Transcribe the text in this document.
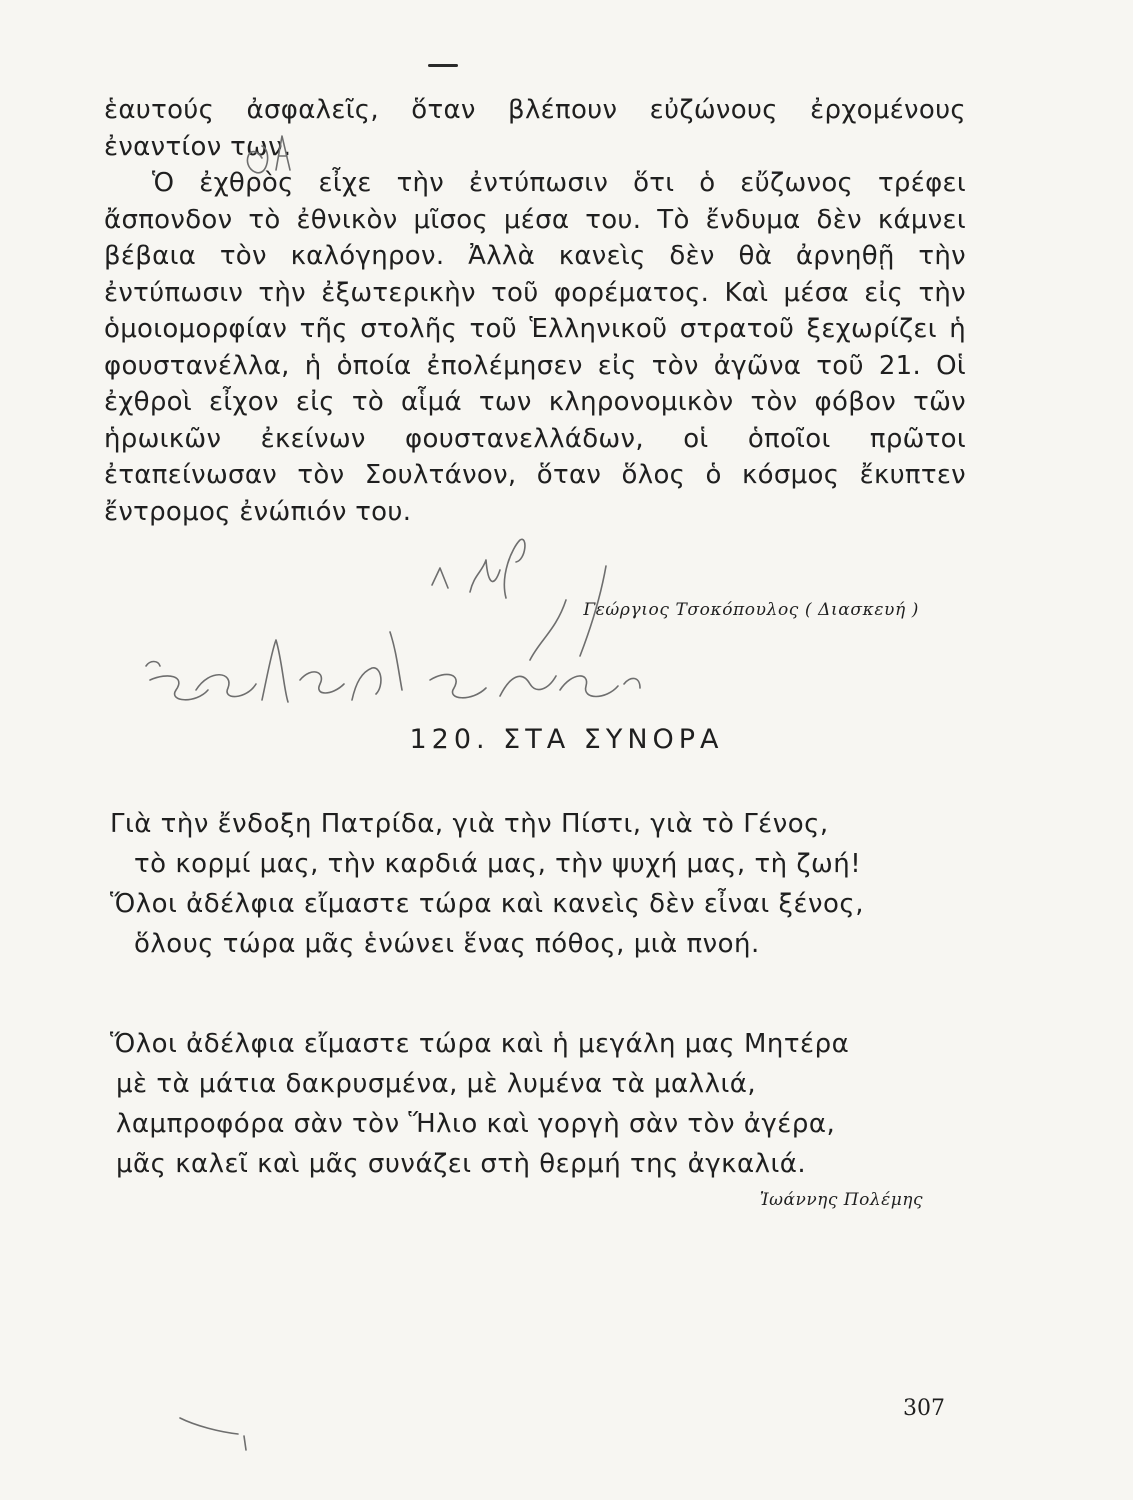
ἑαυτούς ἀσφαλεῖς, ὅταν βλέπουν εὐζώνους ἐρχομένους ἐναντίον των.

Ὁ ἐχθρὸς εἶχε τὴν ἐντύπωσιν ὅτι ὁ εὔζωνος τρέφει ἄσπονδον τὸ ἐθνικὸν μῖσος μέσα του. Τὸ ἔνδυμα δὲν κάμνει βέβαια τὸν καλόγηρον. Ἀλλὰ κανεὶς δὲν θὰ ἀρνηθῇ τὴν ἐντύπωσιν τὴν ἐξωτερικὴν τοῦ φορέματος. Καὶ μέσα εἰς τὴν ὁμοιομορφίαν τῆς στολῆς τοῦ Ἑλληνικοῦ στρατοῦ ξεχωρίζει ἡ φουστανέλλα, ἡ ὁποία ἐπολέμησεν εἰς τὸν ἀγῶνα τοῦ 21. Οἱ ἐχθροὶ εἶχον εἰς τὸ αἷμά των κληρονομικὸν τὸν φόβον τῶν ἡρωικῶν ἐκείνων φουστανελλάδων, οἱ ὁποῖοι πρῶτοι ἐταπείνωσαν τὸν Σουλτάνον, ὅταν ὅλος ὁ κόσμος ἔκυπτεν ἔντρομος ἐνώπιόν του.

Γεώργιος Τσοκόπουλος ( Διασκευή )
120. ΣΤΑ ΣΥΝΟΡΑ
Γιὰ τὴν ἔνδοξη Πατρίδα, γιὰ τὴν Πίστι, γιὰ τὸ Γένος,
τὸ κορμί μας, τὴν καρδιά μας, τὴν ψυχή μας, τὴ ζωή!
Ὅλοι ἀδέλφια εἴμαστε τώρα καὶ κανεὶς δὲν εἶναι ξένος,
ὅλους τώρα μᾶς ἑνώνει ἕνας πόθος, μιὰ πνοή.
Ὅλοι ἀδέλφια εἴμαστε τώρα καὶ ἡ μεγάλη μας Μητέρα
μὲ τὰ μάτια δακρυσμένα, μὲ λυμένα τὰ μαλλιά,
λαμπροφόρα σὰν τὸν Ἥλιο καὶ γοργὴ σὰν τὸν ἀγέρα,
μᾶς καλεῖ καὶ μᾶς συνάζει στὴ θερμή της ἀγκαλιά.
Ἰωάννης Πολέμης
307
